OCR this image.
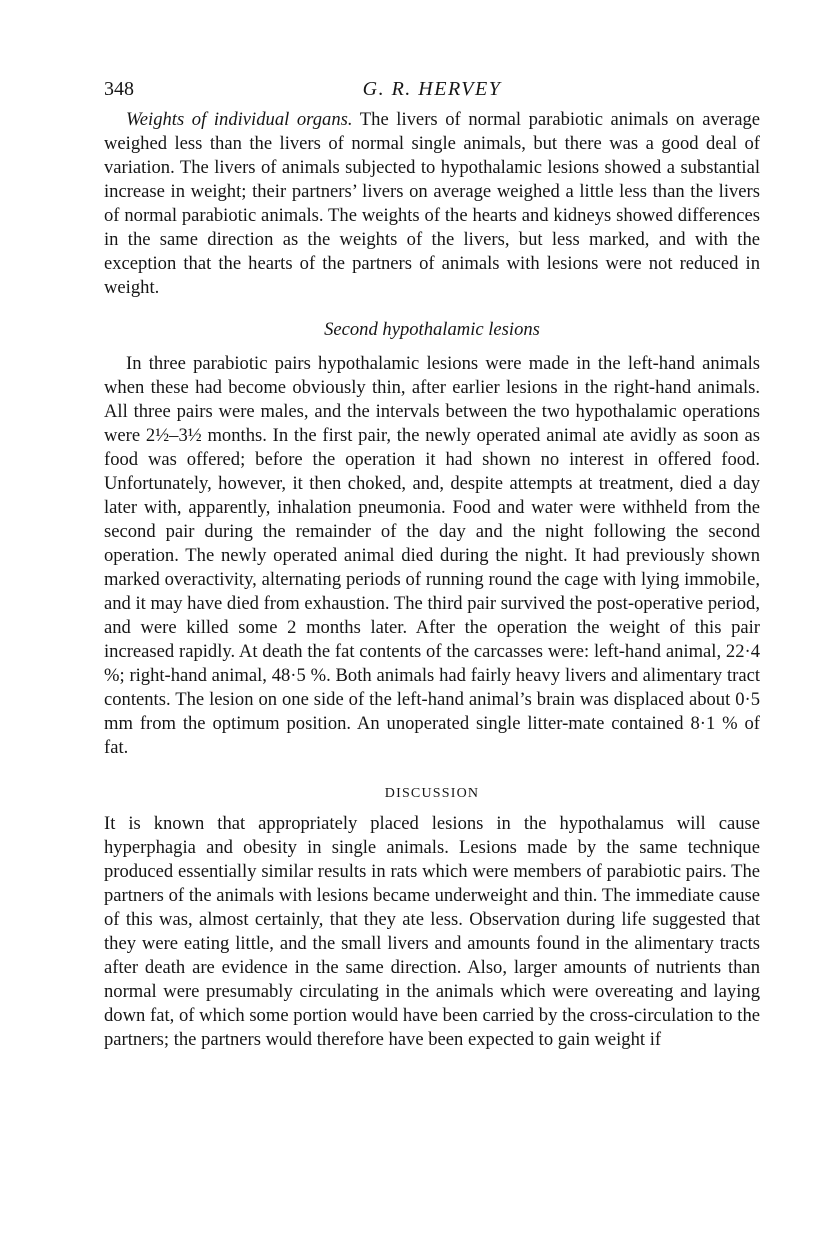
348	G. R. HERVEY

Weights of individual organs. The livers of normal parabiotic animals on average weighed less than the livers of normal single animals, but there was a good deal of variation. The livers of animals subjected to hypothalamic lesions showed a substantial increase in weight; their partners’ livers on average weighed a little less than the livers of normal parabiotic animals. The weights of the hearts and kidneys showed differences in the same direction as the weights of the livers, but less marked, and with the exception that the hearts of the partners of animals with lesions were not reduced in weight.

Second hypothalamic lesions

In three parabiotic pairs hypothalamic lesions were made in the left-hand animals when these had become obviously thin, after earlier lesions in the right-hand animals. All three pairs were males, and the intervals between the two hypothalamic operations were 2½–3½ months. In the first pair, the newly operated animal ate avidly as soon as food was offered; before the operation it had shown no interest in offered food. Unfortunately, however, it then choked, and, despite attempts at treatment, died a day later with, apparently, inhalation pneumonia. Food and water were withheld from the second pair during the remainder of the day and the night following the second operation. The newly operated animal died during the night. It had previously shown marked overactivity, alternating periods of running round the cage with lying immobile, and it may have died from exhaustion. The third pair survived the post-operative period, and were killed some 2 months later. After the operation the weight of this pair increased rapidly. At death the fat contents of the carcasses were: left-hand animal, 22·4 %; right-hand animal, 48·5 %. Both animals had fairly heavy livers and alimentary tract contents. The lesion on one side of the left-hand animal’s brain was displaced about 0·5 mm from the optimum position. An unoperated single litter-mate contained 8·1 % of fat.

DISCUSSION

It is known that appropriately placed lesions in the hypothalamus will cause hyperphagia and obesity in single animals. Lesions made by the same technique produced essentially similar results in rats which were members of parabiotic pairs. The partners of the animals with lesions became underweight and thin. The immediate cause of this was, almost certainly, that they ate less. Observation during life suggested that they were eating little, and the small livers and amounts found in the alimentary tracts after death are evidence in the same direction. Also, larger amounts of nutrients than normal were presumably circulating in the animals which were overeating and laying down fat, of which some portion would have been carried by the cross-circulation to the partners; the partners would therefore have been expected to gain weight if
